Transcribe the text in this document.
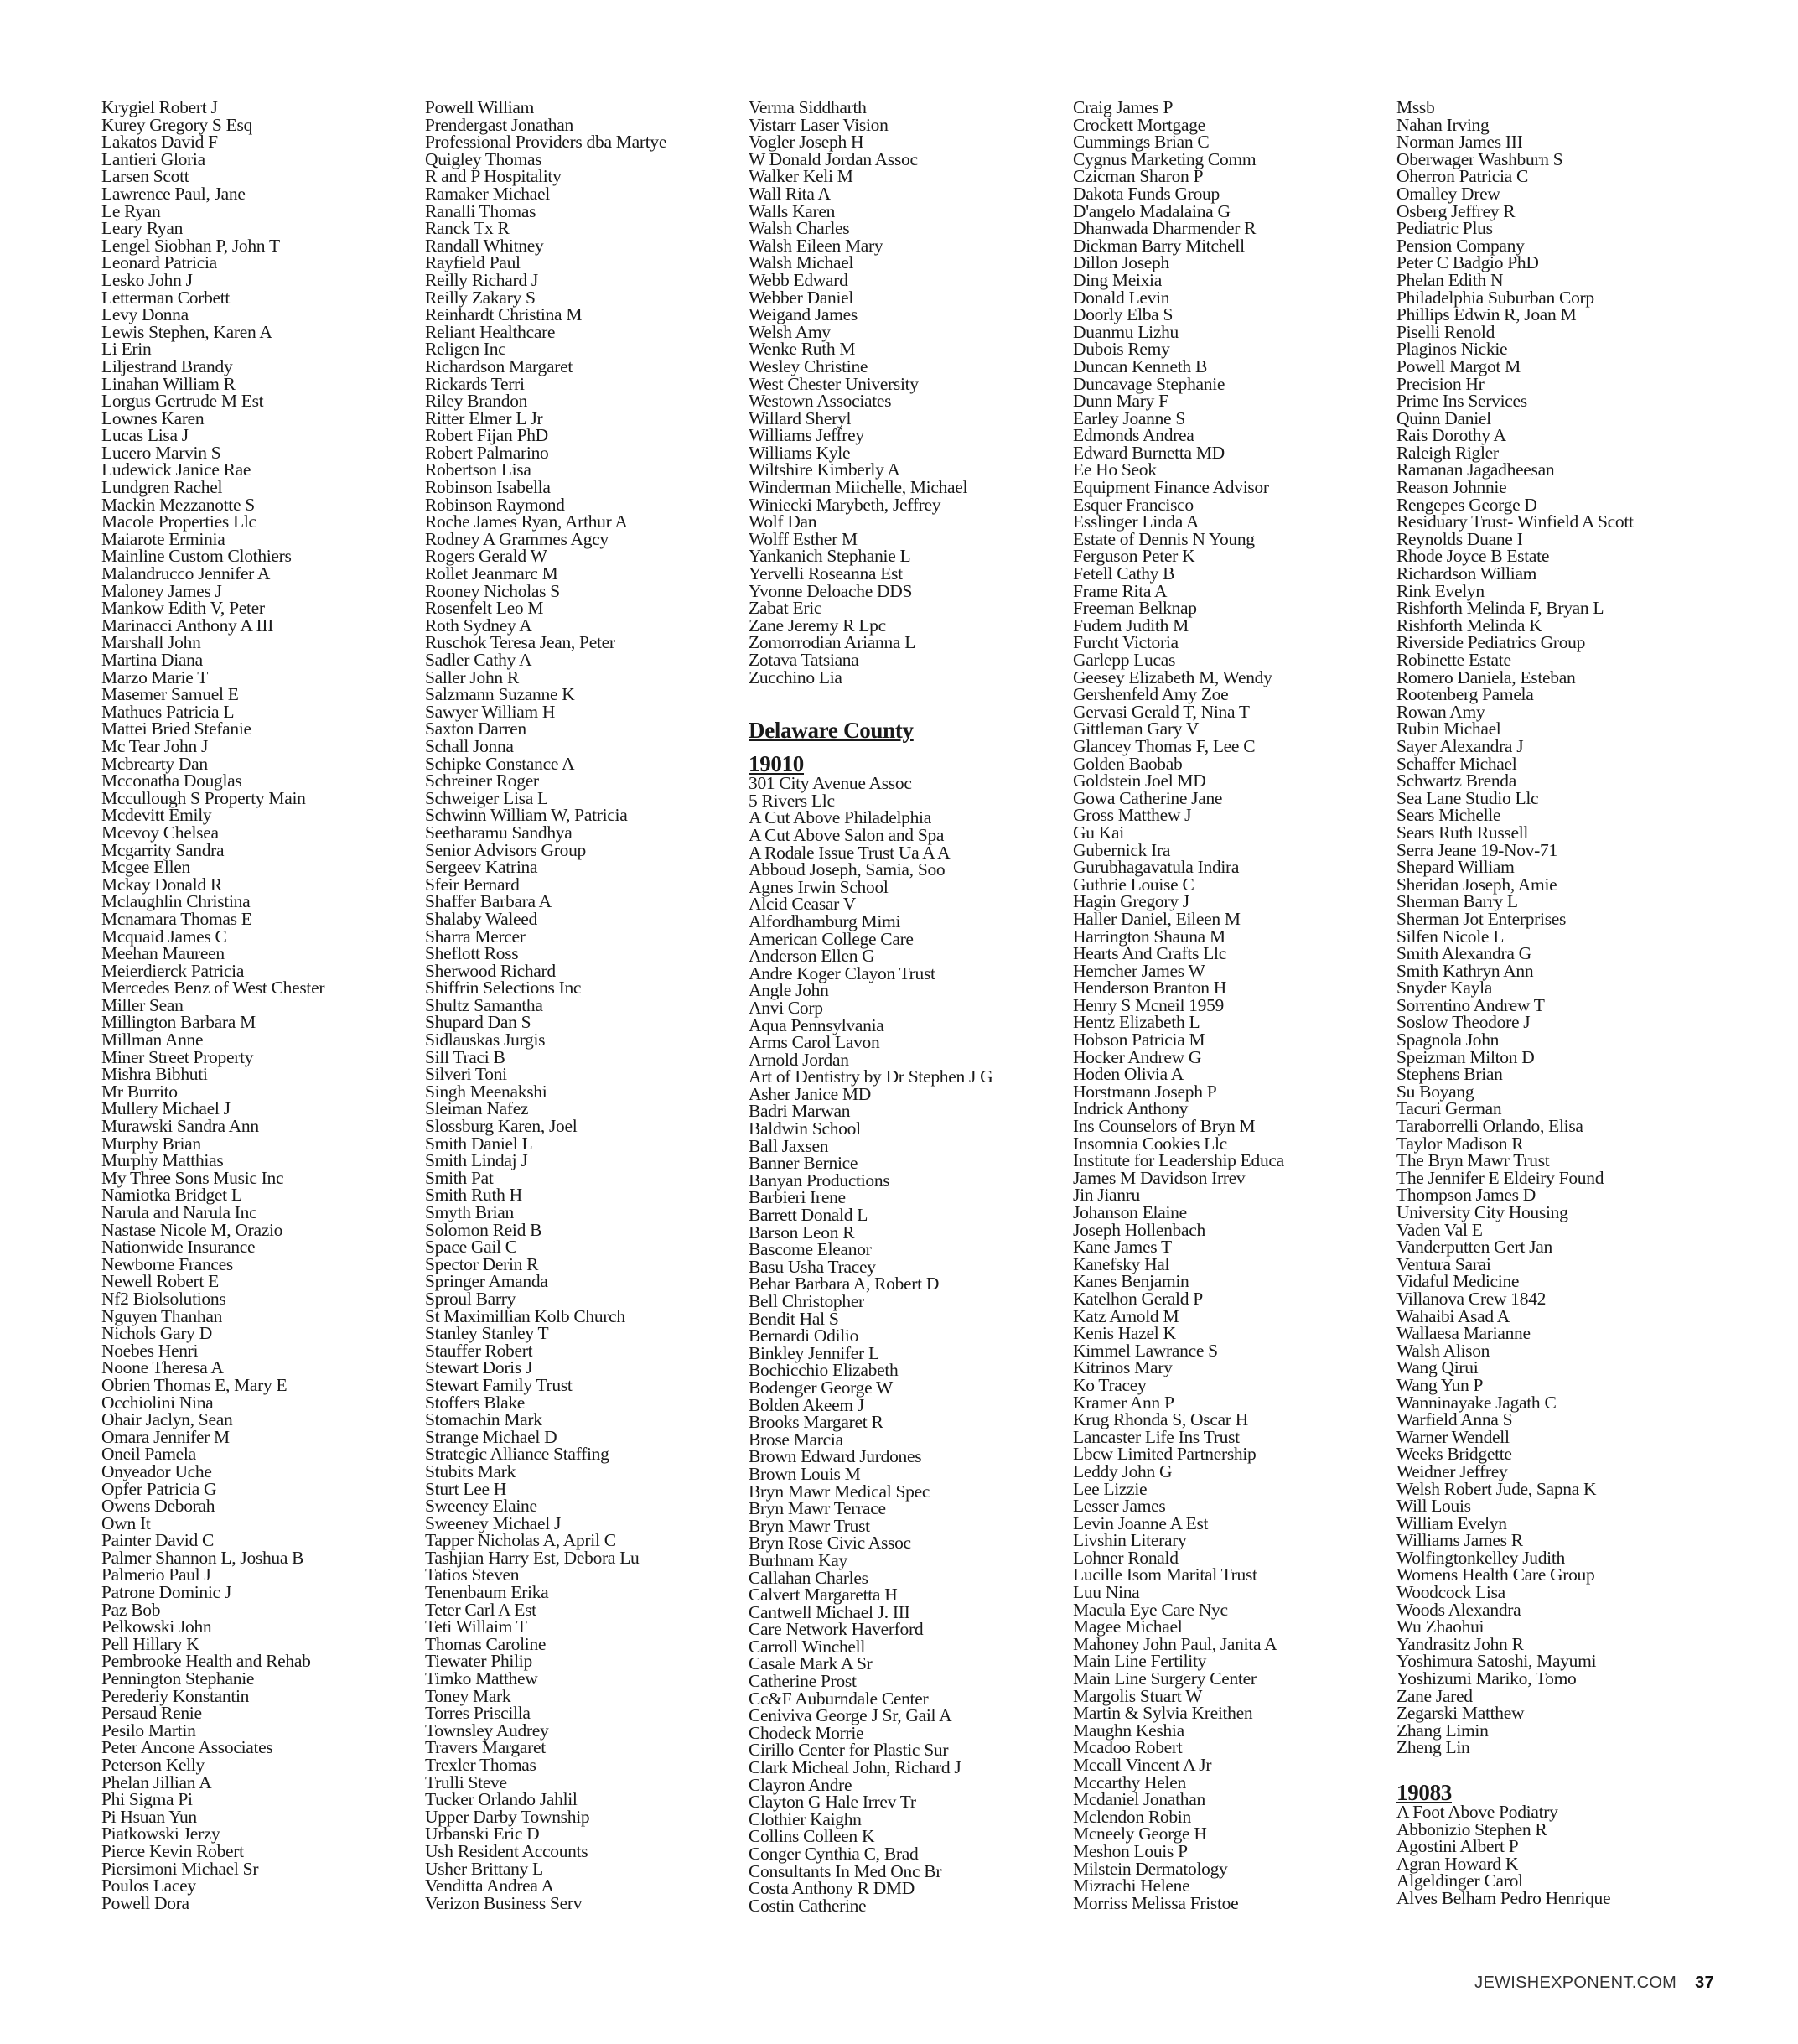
Krygiel Robert J
Kurey Gregory S Esq
Lakatos David F
Lantieri Gloria
Larsen Scott
Lawrence Paul, Jane
Le Ryan
Leary Ryan
Lengel Siobhan P, John T
Leonard Patricia
Lesko John J
Letterman Corbett
Levy Donna
Lewis Stephen, Karen A
Li Erin
Liljestrand Brandy
Linahan William R
Lorgus Gertrude M Est
Lownes Karen
Lucas Lisa J
Lucero Marvin S
Ludewick Janice Rae
Lundgren Rachel
Mackin Mezzanotte S
Macole Properties Llc
Maiarote Erminia
Mainline Custom Clothiers
Malandrucco Jennifer A
Maloney James J
Mankow Edith V, Peter
Marinacci Anthony A III
Marshall John
Martina Diana
Marzo Marie T
Masemer Samuel E
Mathues Patricia L
Mattei Bried Stefanie
Mc Tear John J
Mcbrearty Dan
Mcconatha Douglas
Mccullough S Property Main
Mcdevitt Emily
Mcevoy Chelsea
Mcgarrity Sandra
Mcgee Ellen
Mckay Donald R
Mclaughlin Christina
Mcnamara Thomas E
Mcquaid James C
Meehan Maureen
Meierdierck Patricia
Mercedes Benz of West Chester
Miller Sean
Millington Barbara M
Millman Anne
Miner Street Property
Mishra Bibhuti
Mr Burrito
Mullery Michael J
Murawski Sandra Ann
Murphy Brian
Murphy Matthias
My Three Sons Music Inc
Namiotka Bridget L
Narula and Narula Inc
Nastase Nicole M, Orazio
Nationwide Insurance
Newborne Frances
Newell Robert E
Nf2 Biolsolutions
Nguyen Thanhan
Nichols Gary D
Noebes Henri
Noone Theresa A
Obrien Thomas E, Mary E
Occhiolini Nina
Ohair Jaclyn, Sean
Omara Jennifer M
Oneil Pamela
Onyeador Uche
Opfer Patricia G
Owens Deborah
Own It
Painter David C
Palmer Shannon L, Joshua B
Palmerio Paul J
Patrone Dominic J
Paz Bob
Pelkowski John
Pell Hillary K
Pembrooke Health and Rehab
Pennington Stephanie
Perederiy Konstantin
Persaud Renie
Pesilo Martin
Peter Ancone Associates
Peterson Kelly
Phelan Jillian A
Phi Sigma Pi
Pi Hsuan Yun
Piatkowski Jerzy
Pierce Kevin Robert
Piersimoni Michael Sr
Poulos Lacey
Powell Dora
Powell William
Prendergast Jonathan
Professional Providers dba Martye
Quigley Thomas
R and P Hospitality
Ramaker Michael
Ranalli Thomas
Ranck Tx R
Randall Whitney
Rayfield Paul
Reilly Richard J
Reilly Zakary S
Reinhardt Christina M
Reliant Healthcare
Religen Inc
Richardson Margaret
Rickards Terri
Riley Brandon
Ritter Elmer L Jr
Robert Fijan PhD
Robert Palmarino
Robertson Lisa
Robinson Isabella
Robinson Raymond
Roche James Ryan, Arthur A
Rodney A Grammes Agcy
Rogers Gerald W
Rollet Jeanmarc M
Rooney Nicholas S
Rosenfelt Leo M
Roth Sydney A
Ruschok Teresa Jean, Peter
Sadler Cathy A
Saller John R
Salzmann Suzanne K
Sawyer William H
Saxton Darren
Schall Jonna
Schipke Constance A
Schreiner Roger
Schweiger Lisa L
Schwinn William W, Patricia
Seetharamu Sandhya
Senior Advisors Group
Sergeev Katrina
Sfeir Bernard
Shaffer Barbara A
Shalaby Waleed
Sharra Mercer
Sheflott Ross
Sherwood Richard
Shiffrin Selections Inc
Shultz Samantha
Shupard Dan S
Sidlauskas Jurgis
Sill Traci B
Silveri Toni
Singh Meenakshi
Sleiman Nafez
Slossburg Karen, Joel
Smith Daniel L
Smith Lindaj J
Smith Pat
Smith Ruth H
Smyth Brian
Solomon Reid B
Space Gail C
Spector Derin R
Springer Amanda
Sproul Barry
St Maximillian Kolb Church
Stanley Stanley T
Stauffer Robert
Stewart Doris J
Stewart Family Trust
Stoffers Blake
Stomachin Mark
Strange Michael D
Strategic Alliance Staffing
Stubits Mark
Sturt Lee H
Sweeney Elaine
Sweeney Michael J
Tapper Nicholas A, April C
Tashjian Harry Est, Debora Lu
Tatios Steven
Tenenbaum Erika
Teter Carl A Est
Teti Willaim T
Thomas Caroline
Tiewater Philip
Timko Matthew
Toney Mark
Torres Priscilla
Townsley Audrey
Travers Margaret
Trexler Thomas
Trulli Steve
Tucker Orlando Jahlil
Upper Darby Township
Urbanski Eric D
Ush Resident Accounts
Usher Brittany L
Venditta Andrea A
Verizon Business Serv
Verma Siddharth
Vistarr Laser Vision
Vogler Joseph H
W Donald Jordan Assoc
Walker Keli M
Wall Rita A
Walls Karen
Walsh Charles
Walsh Eileen Mary
Walsh Michael
Webb Edward
Webber Daniel
Weigand James
Welsh Amy
Wenke Ruth M
Wesley Christine
West Chester University
Westown Associates
Willard Sheryl
Williams Jeffrey
Williams Kyle
Wiltshire Kimberly A
Winderman Miichelle, Michael
Winiecki Marybeth, Jeffrey
Wolf Dan
Wolff Esther M
Yankanich Stephanie L
Yervelli Roseanna Est
Yvonne Deloache DDS
Zabat Eric
Zane Jeremy R Lpc
Zomorrodian Arianna L
Zotava Tatsiana
Zucchino Lia
Delaware County
19010
301 City Avenue Assoc
5 Rivers Llc
A Cut Above Philadelphia
A Cut Above Salon and Spa
A Rodale Issue Trust Ua A A
Abboud Joseph, Samia, Soo
Agnes Irwin School
Alcid Ceasar V
Alfordhamburg Mimi
American College Care
Anderson Ellen G
Andre Koger Clayon Trust
Angle John
Anvi Corp
Aqua Pennsylvania
Arms Carol Lavon
Arnold Jordan
Art of Dentistry by Dr Stephen J G
Asher Janice MD
Badri Marwan
Baldwin School
Ball Jaxsen
Banner Bernice
Banyan Productions
Barbieri Irene
Barrett Donald L
Barson Leon R
Bascome Eleanor
Basu Usha Tracey
Behar Barbara A, Robert D
Bell Christopher
Bendit Hal S
Bernardi Odilio
Binkley Jennifer L
Bochicchio Elizabeth
Bodenger George W
Bolden Akeem J
Brooks Margaret R
Brose Marcia
Brown Edward Jurdones
Brown Louis M
Bryn Mawr Medical Spec
Bryn Mawr Terrace
Bryn Mawr Trust
Bryn Rose Civic Assoc
Burhnam Kay
Callahan Charles
Calvert Margaretta H
Cantwell Michael J. III
Care Network Haverford
Carroll Winchell
Casale Mark A Sr
Catherine Prost
Cc&F Auburndale Center
Ceniviva George J Sr, Gail A
Chodeck Morrie
Cirillo Center for Plastic Sur
Clark Micheal John, Richard J
Clayron Andre
Clayton G Hale Irrev Tr
Clothier Kaighn
Collins Colleen K
Conger Cynthia C, Brad
Consultants In Med Onc Br
Costa Anthony R DMD
Costin Catherine
Craig James P
Crockett Mortgage
Cummings Brian C
Cygnus Marketing Comm
Czicman Sharon P
Dakota Funds Group
D'angelo Madalaina G
Dhanwada Dharmender R
Dickman Barry Mitchell
Dillon Joseph
Ding Meixia
Donald Levin
Doorly Elba S
Duanmu Lizhu
Dubois Remy
Duncan Kenneth B
Duncavage Stephanie
Dunn Mary F
Earley Joanne S
Edmonds Andrea
Edward Burnetta MD
Ee Ho Seok
Equipment Finance Advisor
Esquer Francisco
Esslinger Linda A
Estate of Dennis N Young
Ferguson Peter K
Fetell Cathy B
Frame Rita A
Freeman Belknap
Fudem Judith M
Furcht Victoria
Garlepp Lucas
Geesey Elizabeth M, Wendy
Gershenfeld Amy Zoe
Gervasi Gerald T, Nina T
Gittleman Gary V
Glancey Thomas F, Lee C
Golden Baobab
Goldstein Joel MD
Gowa Catherine Jane
Gross Matthew J
Gu Kai
Gubernick Ira
Gurubhagavatula Indira
Guthrie Louise C
Hagin Gregory J
Haller Daniel, Eileen M
Harrington Shauna M
Hearts And Crafts Llc
Hemcher James W
Henderson Branton H
Henry S Mcneil 1959
Hentz Elizabeth L
Hobson Patricia M
Hocker Andrew G
Hoden Olivia A
Horstmann Joseph P
Indrick Anthony
Ins Counselors of Bryn M
Insomnia Cookies Llc
Institute for Leadership Educa
James M Davidson Irrev
Jin Jianru
Johanson Elaine
Joseph Hollenbach
Kane James T
Kanefsky Hal
Kanes Benjamin
Katelhon Gerald P
Katz Arnold M
Kenis Hazel K
Kimmel Lawrance S
Kitrinos Mary
Ko Tracey
Kramer Ann P
Krug Rhonda S, Oscar H
Lancaster Life Ins Trust
Lbcw Limited Partnership
Leddy John G
Lee Lizzie
Lesser James
Levin Joanne A Est
Livshin Literary
Lohner Ronald
Lucille Isom Marital Trust
Luu Nina
Macula Eye Care Nyc
Magee Michael
Mahoney John Paul, Janita A
Main Line Fertility
Main Line Surgery Center
Margolis Stuart W
Martin & Sylvia Kreithen
Maughn Keshia
Mcadoo Robert
Mccall Vincent A Jr
Mccarthy Helen
Mcdaniel Jonathan
Mclendon Robin
Mcneely George H
Meshon Louis P
Milstein Dermatology
Mizrachi Helene
Morriss Melissa Fristoe
Mssb
Nahan Irving
Norman James III
Oberwager Washburn S
Oherron Patricia C
Omalley Drew
Osberg Jeffrey R
Pediatric Plus
Pension Company
Peter C Badgio PhD
Phelan Edith N
Philadelphia Suburban Corp
Phillips Edwin R, Joan M
Piselli Renold
Plaginos Nickie
Powell Margot M
Precision Hr
Prime Ins Services
Quinn Daniel
Rais Dorothy A
Raleigh Rigler
Ramanan Jagadheesan
Reason Johnnie
Rengepes George D
Residuary Trust- Winfield A Scott
Reynolds Duane I
Rhode Joyce B Estate
Richardson William
Rink Evelyn
Rishforth Melinda F, Bryan L
Rishforth Melinda K
Riverside Pediatrics Group
Robinette Estate
Romero Daniela, Esteban
Rootenberg Pamela
Rowan Amy
Rubin Michael
Sayer Alexandra J
Schaffer Michael
Schwartz Brenda
Sea Lane Studio Llc
Sears Michelle
Sears Ruth Russell
Serra Jeane 19-Nov-71
Shepard William
Sheridan Joseph, Amie
Sherman Barry L
Sherman Jot Enterprises
Silfen Nicole L
Smith Alexandra G
Smith Kathryn Ann
Snyder Kayla
Sorrentino Andrew T
Soslow Theodore J
Spagnola John
Speizman Milton D
Stephens Brian
Su Boyang
Tacuri German
Taraborrelli Orlando, Elisa
Taylor Madison R
The Bryn Mawr Trust
The Jennifer E Eldeiry Found
Thompson James D
University City Housing
Vaden Val E
Vanderputten Gert Jan
Ventura Sarai
Vidaful Medicine
Villanova Crew 1842
Wahaibi Asad A
Wallaesa Marianne
Walsh Alison
Wang Qirui
Wang Yun P
Wanninayake Jagath C
Warfield Anna S
Warner Wendell
Weeks Bridgette
Weidner Jeffrey
Welsh Robert Jude, Sapna K
Will Louis
William Evelyn
Williams James R
Wolfingtonkelley Judith
Womens Health Care Group
Woodcock Lisa
Woods Alexandra
Wu Zhaohui
Yandrasitz John R
Yoshimura Satoshi, Mayumi
Yoshizumi Mariko, Tomo
Zane Jared
Zegarski Matthew
Zhang Limin
Zheng Lin
19083
A Foot Above Podiatry
Abbonizio Stephen R
Agostini Albert P
Agran Howard K
Algeldinger Carol
Alves Belham Pedro Henrique
JEWISHEXPONENT.COM 37
